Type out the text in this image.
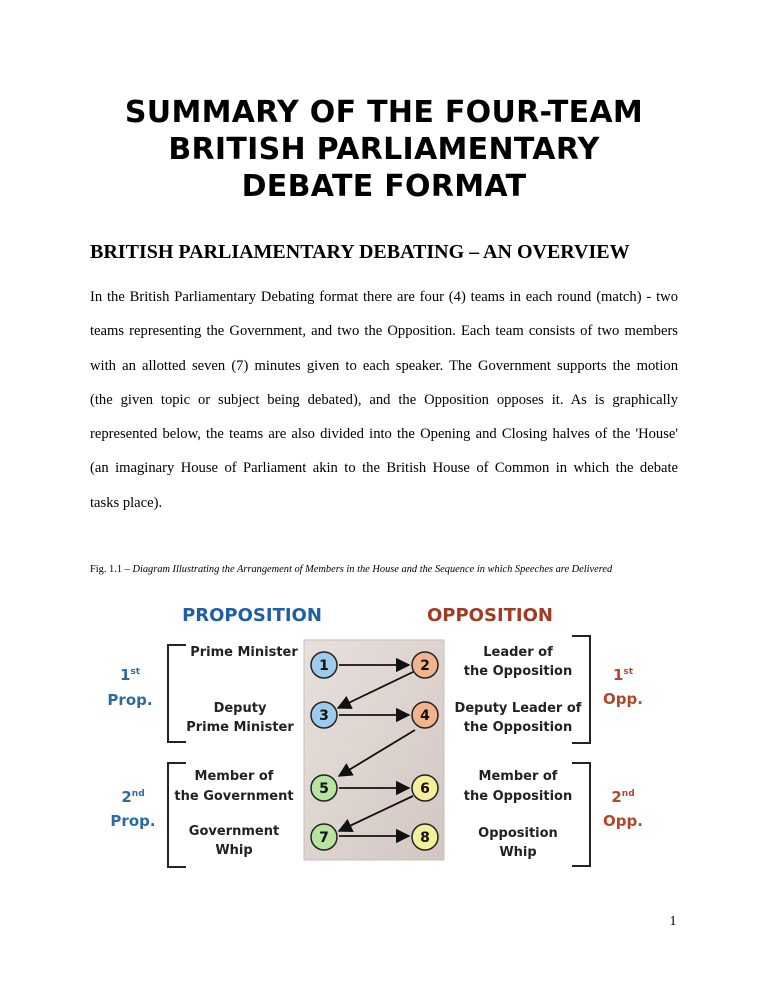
SUMMARY OF THE FOUR-TEAM
BRITISH PARLIAMENTARY
DEBATE FORMAT
BRITISH PARLIAMENTARY DEBATING – AN OVERVIEW
In the British Parliamentary Debating format there are four (4) teams in each round (match) - two
teams representing the Government, and two the Opposition. Each team consists of two members
with an allotted seven (7) minutes given to each speaker. The Government supports the motion
(the given topic or subject being debated), and the Opposition opposes it. As is graphically
represented below, the teams are also divided into the Opening and Closing halves of the 'House'
(an imaginary House of Parliament akin to the British House of Common in which the debate
tasks place).
Fig. 1.1 – Diagram Illustrating the Arrangement of Members in the House and the Sequence in which Speeches are Delivered
PROPOSITION	OPPOSITION
1st
Prop.
2nd
Prop.
1st
Opp.
2nd
Opp.
Prime Minister
Deputy
Prime Minister
Member of
the Government
Government
Whip
Leader of
the Opposition
Deputy Leader of
the Opposition
Member of
the Opposition
Opposition
Whip
1	2
3	4
5	6
7	8
1
